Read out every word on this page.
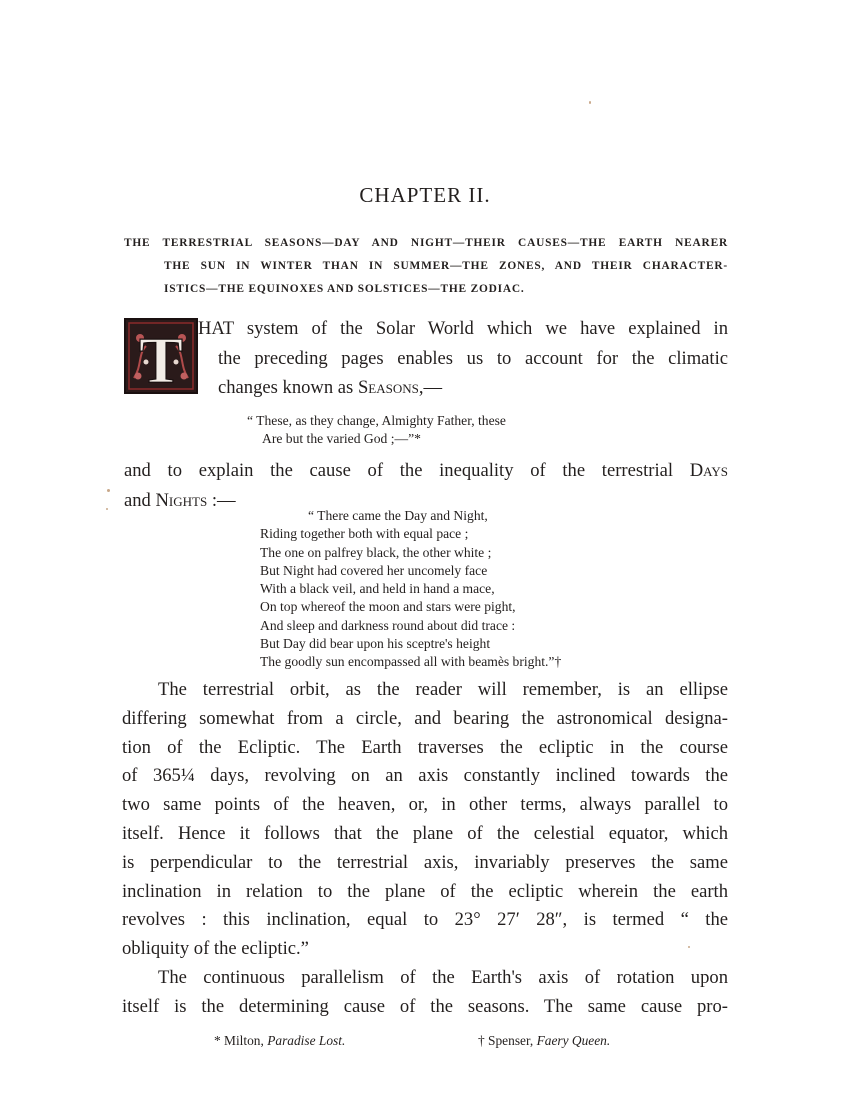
CHAPTER II.
THE TERRESTRIAL SEASONS—DAY AND NIGHT—THEIR CAUSES—THE EARTH NEARER
THE SUN IN WINTER THAN IN SUMMER—THE ZONES, AND THEIR CHARACTER-
ISTICS—THE EQUINOXES AND SOLSTICES—THE ZODIAC.
T HAT system of the Solar World which we have explained in
the preceding pages enables us to account for the climatic
changes known as Seasons,—
“ These, as they change, Almighty Father, these
Are but the varied God ;—”*
and to explain the cause of the inequality of the terrestrial Days
and Nights :—
“ There came the Day and Night,
Riding together both with equal pace ;
The one on palfrey black, the other white ;
But Night had covered her uncomely face
With a black veil, and held in hand a mace,
On top whereof the moon and stars were pight,
And sleep and darkness round about did trace :
But Day did bear upon his sceptre's height
The goodly sun encompassed all with beamès bright.”†
The terrestrial orbit, as the reader will remember, is an ellipse
differing somewhat from a circle, and bearing the astronomical designa-
tion of the Ecliptic. The Earth traverses the ecliptic in the course
of 365¼ days, revolving on an axis constantly inclined towards the
two same points of the heaven, or, in other terms, always parallel to
itself. Hence it follows that the plane of the celestial equator, which
is perpendicular to the terrestrial axis, invariably preserves the same
inclination in relation to the plane of the ecliptic wherein the earth
revolves : this inclination, equal to 23° 27′ 28″, is termed “ the
obliquity of the ecliptic.”
The continuous parallelism of the Earth's axis of rotation upon
itself is the determining cause of the seasons. The same cause pro-
* Milton, Paradise Lost.	† Spenser, Faery Queen.
